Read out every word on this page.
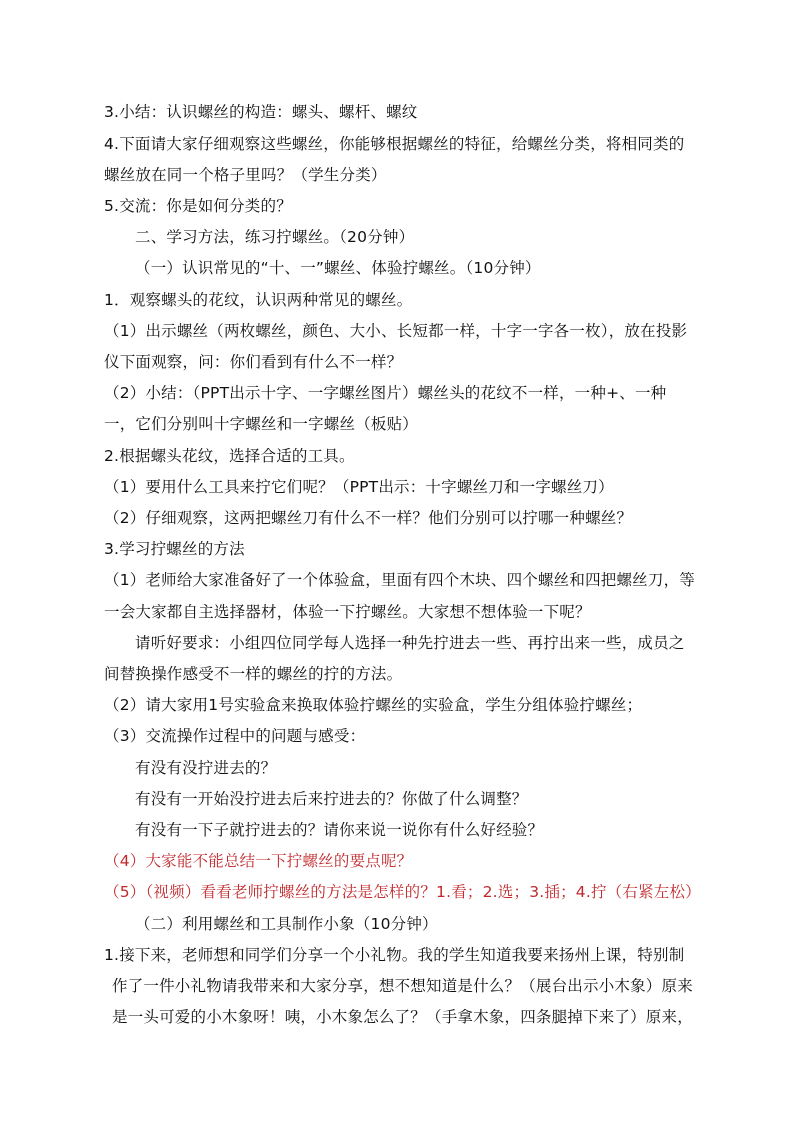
3.小结：认识螺丝的构造：螺头、螺杆、螺纹
4.下面请大家仔细观察这些螺丝，你能够根据螺丝的特征，给螺丝分类，将相同类的
螺丝放在同一个格子里吗？（学生分类）
5.交流：你是如何分类的？
二、学习方法，练习拧螺丝。（20分钟）
（一）认识常见的“十、一”螺丝、体验拧螺丝。（10分钟）
1．观察螺头的花纹，认识两种常见的螺丝。
（1）出示螺丝（两枚螺丝，颜色、大小、长短都一样，十字一字各一枚），放在投影
仪下面观察，问：你们看到有什么不一样？
（2）小结：（PPT出示十字、一字螺丝图片）螺丝头的花纹不一样，一种+、一种
一，它们分别叫十字螺丝和一字螺丝（板贴）
2.根据螺头花纹，选择合适的工具。
（1）要用什么工具来拧它们呢？（PPT出示：十字螺丝刀和一字螺丝刀）
（2）仔细观察，这两把螺丝刀有什么不一样？他们分别可以拧哪一种螺丝？
3.学习拧螺丝的方法
（1）老师给大家准备好了一个体验盒，里面有四个木块、四个螺丝和四把螺丝刀，等
一会大家都自主选择器材，体验一下拧螺丝。大家想不想体验一下呢？
请听好要求：小组四位同学每人选择一种先拧进去一些、再拧出来一些，成员之
间替换操作感受不一样的螺丝的拧的方法。
（2）请大家用1号实验盒来换取体验拧螺丝的实验盒，学生分组体验拧螺丝；
（3）交流操作过程中的问题与感受：
有没有没拧进去的？
有没有一开始没拧进去后来拧进去的？你做了什么调整？
有没有一下子就拧进去的？请你来说一说你有什么好经验？
（4）大家能不能总结一下拧螺丝的要点呢？
（5）（视频）看看老师拧螺丝的方法是怎样的？1.看；2.选；3.插；4.拧（右紧左松）
（二）利用螺丝和工具制作小象（10分钟）
1.接下来，老师想和同学们分享一个小礼物。我的学生知道我要来扬州上课，特别制
作了一件小礼物请我带来和大家分享，想不想知道是什么？（展台出示小木象）原来
是一头可爱的小木象呀！咦，小木象怎么了？（手拿木象，四条腿掉下来了）原来，
